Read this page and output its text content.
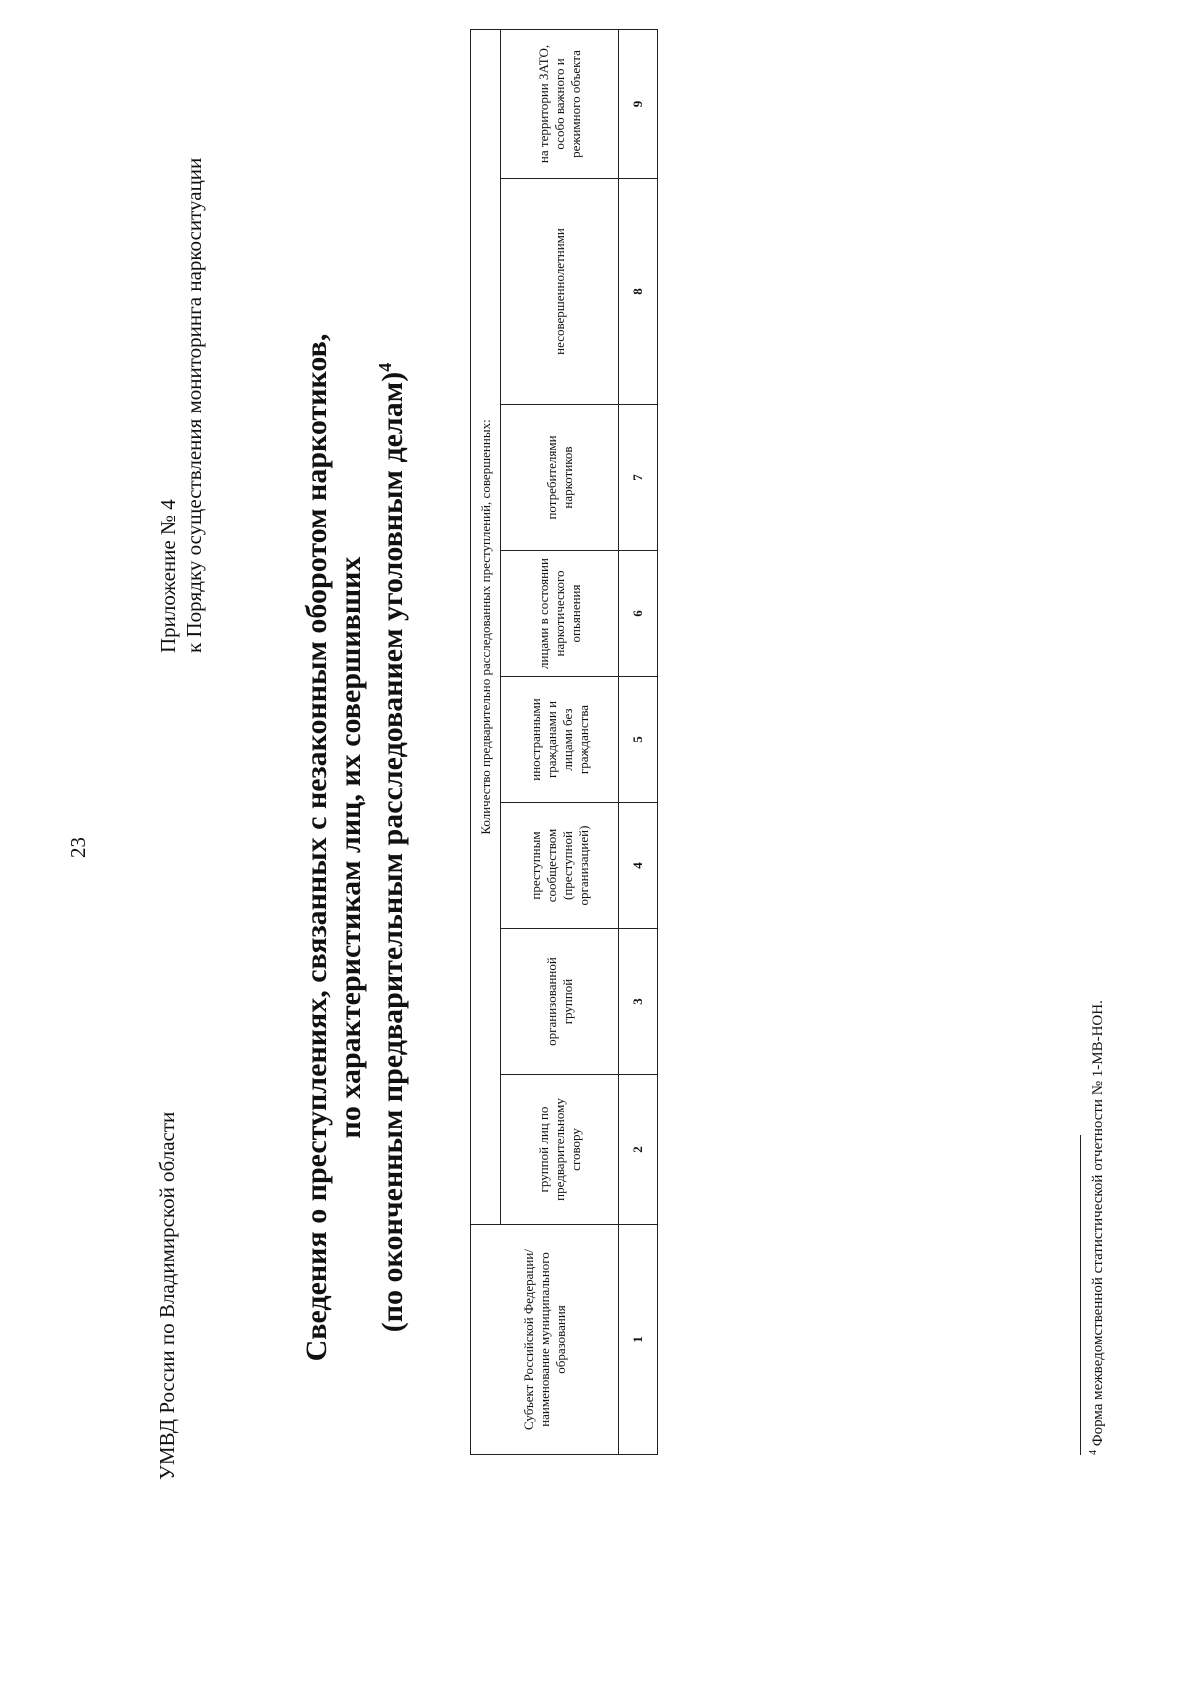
23
УМВД России по Владимирской области
Приложение № 4 к Порядку осуществления мониторинга наркоситуации	Сведения о преступлениях, связанных с незаконным оборотом наркотиков, по характеристикам лиц, их совершивших (по оконченным предварительным расследованием уголовным делам)$^4$
Субъект Российской Федерации/ наименование муниципального образования	Количество предварительно расследованных преступлений, совершенных:							
	группой лиц по предварительному сговору	организованной группой	преступным сообществом (преступной организацией)	иностранными гражданами и лицами без гражданства	лицами в состоянии наркотического опьянения	потребителями наркотиков	несовершеннолетними	на территории ЗАТО, особо важного и режимного объекта
1	2	3	4	5	6	7	8	9
$^4$ Форма межведомственной статистической отчетности № 1-МВ-НОН.
